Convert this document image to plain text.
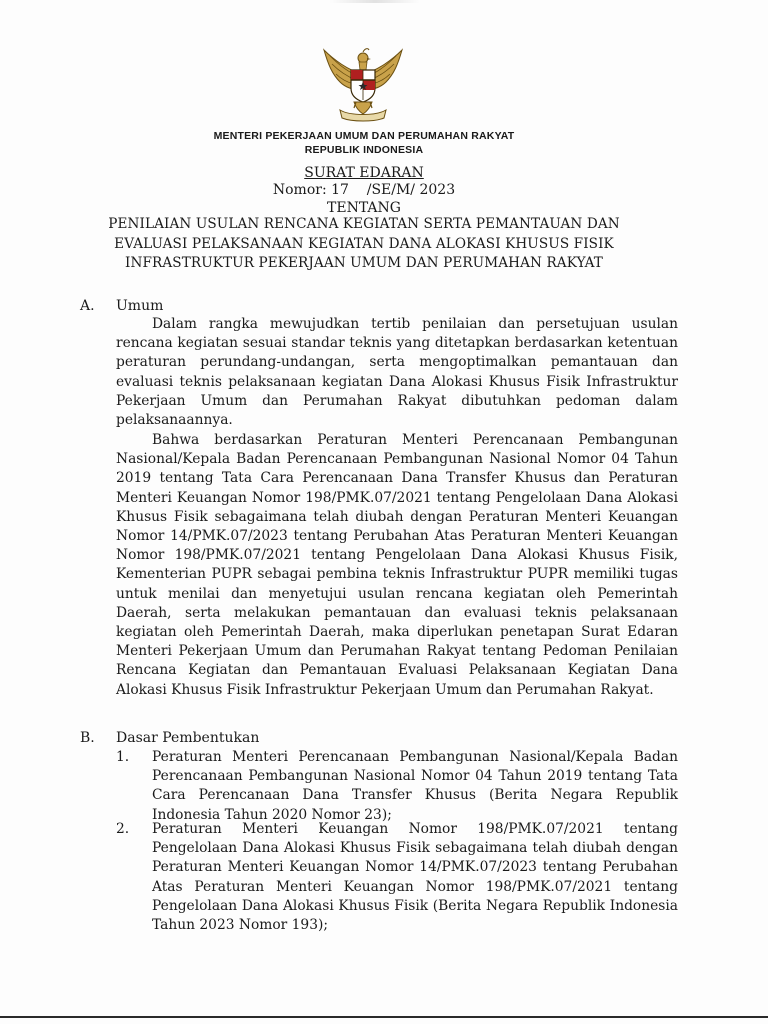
MENTERI PEKERJAAN UMUM DAN PERUMAHAN RAKYAT
REPUBLIK INDONESIA
SURAT EDARAN
Nomor: 17    /SE/M/ 2023
TENTANG
PENILAIAN USULAN RENCANA KEGIATAN SERTA PEMANTAUAN DAN EVALUASI PELAKSANAAN KEGIATAN DANA ALOKASI KHUSUS FISIK INFRASTRUKTUR PEKERJAAN UMUM DAN PERUMAHAN RAKYAT
A. Umum

Dalam rangka mewujudkan tertib penilaian dan persetujuan usulan rencana kegiatan sesuai standar teknis yang ditetapkan berdasarkan ketentuan peraturan perundang-undangan, serta mengoptimalkan pemantauan dan evaluasi teknis pelaksanaan kegiatan Dana Alokasi Khusus Fisik Infrastruktur Pekerjaan Umum dan Perumahan Rakyat dibutuhkan pedoman dalam pelaksanaannya.

Bahwa berdasarkan Peraturan Menteri Perencanaan Pembangunan Nasional/Kepala Badan Perencanaan Pembangunan Nasional Nomor 04 Tahun 2019 tentang Tata Cara Perencanaan Dana Transfer Khusus dan Peraturan Menteri Keuangan Nomor 198/PMK.07/2021 tentang Pengelolaan Dana Alokasi Khusus Fisik sebagaimana telah diubah dengan Peraturan Menteri Keuangan Nomor 14/PMK.07/2023 tentang Perubahan Atas Peraturan Menteri Keuangan Nomor 198/PMK.07/2021 tentang Pengelolaan Dana Alokasi Khusus Fisik, Kementerian PUPR sebagai pembina teknis Infrastruktur PUPR memiliki tugas untuk menilai dan menyetujui usulan rencana kegiatan oleh Pemerintah Daerah, serta melakukan pemantauan dan evaluasi teknis pelaksanaan kegiatan oleh Pemerintah Daerah, maka diperlukan penetapan Surat Edaran Menteri Pekerjaan Umum dan Perumahan Rakyat tentang Pedoman Penilaian Rencana Kegiatan dan Pemantauan Evaluasi Pelaksanaan Kegiatan Dana Alokasi Khusus Fisik Infrastruktur Pekerjaan Umum dan Perumahan Rakyat.

B. Dasar Pembentukan
1. Peraturan Menteri Perencanaan Pembangunan Nasional/Kepala Badan Perencanaan Pembangunan Nasional Nomor 04 Tahun 2019 tentang Tata Cara Perencanaan Dana Transfer Khusus (Berita Negara Republik Indonesia Tahun 2020 Nomor 23);

2. Peraturan Menteri Keuangan Nomor 198/PMK.07/2021 tentang Pengelolaan Dana Alokasi Khusus Fisik sebagaimana telah diubah dengan Peraturan Menteri Keuangan Nomor 14/PMK.07/2023 tentang Perubahan Atas Peraturan Menteri Keuangan Nomor 198/PMK.07/2021 tentang Pengelolaan Dana Alokasi Khusus Fisik (Berita Negara Republik Indonesia Tahun 2023 Nomor 193);
